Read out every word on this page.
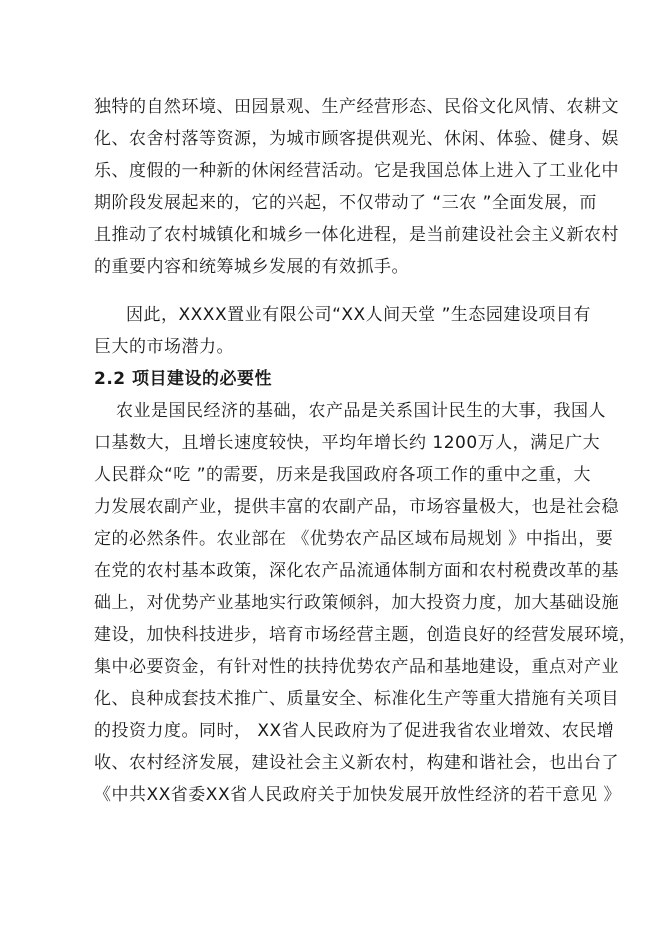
独特的自然环境、田园景观、生产经营形态、民俗文化风情、农耕文
化、农舍村落等资源，为城市顾客提供观光、休闲、体验、健身、娱
乐、度假的一种新的休闲经营活动。它是我国总体上进入了工业化中
期阶段发展起来的，它的兴起，不仅带动了 “三农 ”全面发展，而
且推动了农村城镇化和城乡一体化进程，是当前建设社会主义新农村
的重要内容和统筹城乡发展的有效抓手。
因此，XXXX置业有限公司“XX人间天堂 ”生态园建设项目有
巨大的市场潜力。
2.2 项目建设的必要性
农业是国民经济的基础，农产品是关系国计民生的大事，我国人
口基数大，且增长速度较快，平均年增长约 1200万人，满足广大
人民群众“吃 ”的需要，历来是我国政府各项工作的重中之重，大
力发展农副产业，提供丰富的农副产品，市场容量极大，也是社会稳
定的必然条件。农业部在 《优势农产品区域布局规划 》中指出，要
在党的农村基本政策，深化农产品流通体制方面和农村税费改革的基
础上，对优势产业基地实行政策倾斜，加大投资力度，加大基础设施
建设，加快科技进步，培育市场经营主题，创造良好的经营发展环境，
集中必要资金，有针对性的扶持优势农产品和基地建设，重点对产业
化、良种成套技术推广、质量安全、标准化生产等重大措施有关项目
的投资力度。同时， XX省人民政府为了促进我省农业增效、农民增
收、农村经济发展，建设社会主义新农村，构建和谐社会，也出台了
《中共XX省委XX省人民政府关于加快发展开放性经济的若干意见 》
